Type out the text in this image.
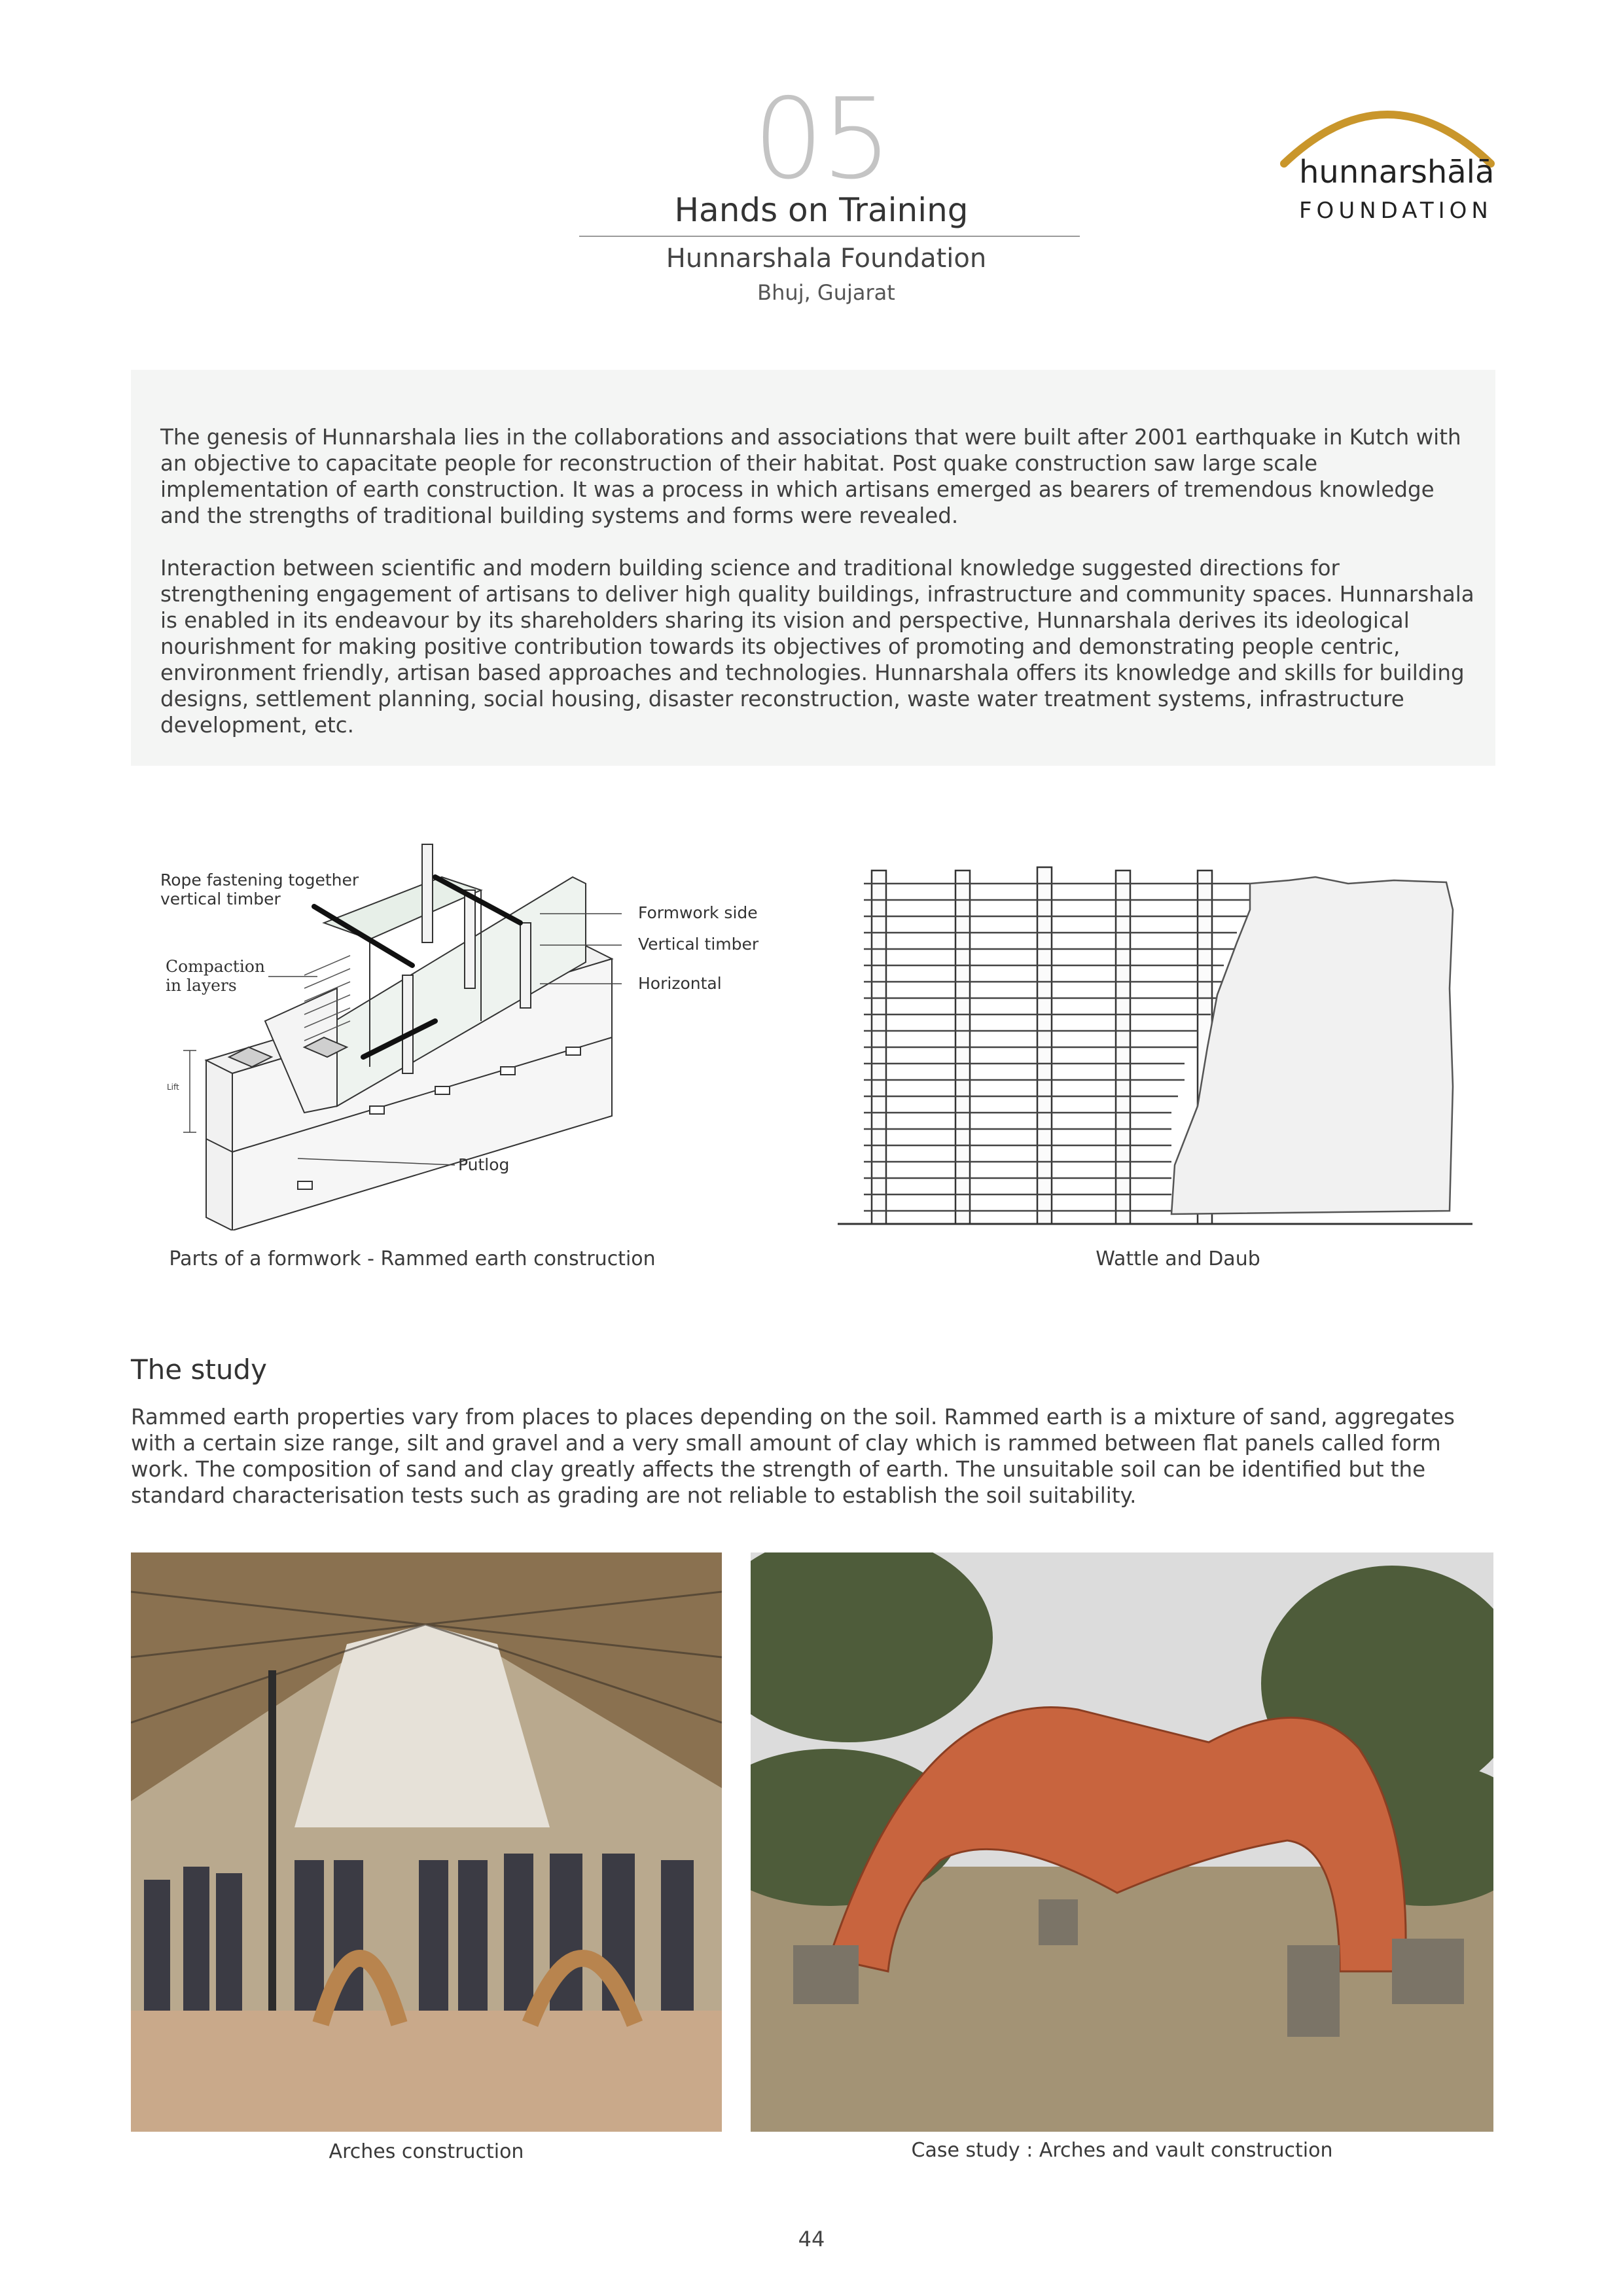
05
Hands on Training
Hunnarshala Foundation
Bhuj, Gujarat
hunnarshālā
FOUNDATION
The genesis of Hunnarshala lies in the collaborations and associations that were built after 2001 earthquake in Kutch with an objective to capacitate people for reconstruction of their habitat. Post quake construction saw large scale implementation of earth construction. It was a process in which artisans emerged as bearers of tremendous knowledge and the strengths of traditional building systems and forms were revealed.
Interaction between scientific and modern building science and traditional knowledge suggested directions for strengthening engagement of artisans to deliver high quality buildings, infrastructure and community spaces. Hunnarshala is enabled in its endeavour by its shareholders sharing its vision and perspective, Hunnarshala derives its ideological nourishment for making positive contribution towards its objectives of promoting and demonstrating people centric, environment friendly, artisan based approaches and technologies. Hunnarshala offers its knowledge and skills for building designs, settlement planning, social housing, disaster reconstruction, waste water treatment systems, infrastructure development, etc.
Rope fastening together vertical timber
Compaction in layers
Lift
Formwork side
Vertical timber
Horizontal
Putlog
Parts of a formwork - Rammed earth construction	Wattle and Daub
The study
Rammed earth properties vary from places to places depending on the soil. Rammed earth is a mixture of sand, aggregates with a certain size range, silt and gravel and a very small amount of clay which is rammed between flat panels called form work. The composition of sand and clay greatly affects the strength of earth. The unsuitable soil can be identified but the standard characterisation tests such as grading are not reliable to establish the soil suitability.
Arches construction	Case study : Arches and vault construction
44
